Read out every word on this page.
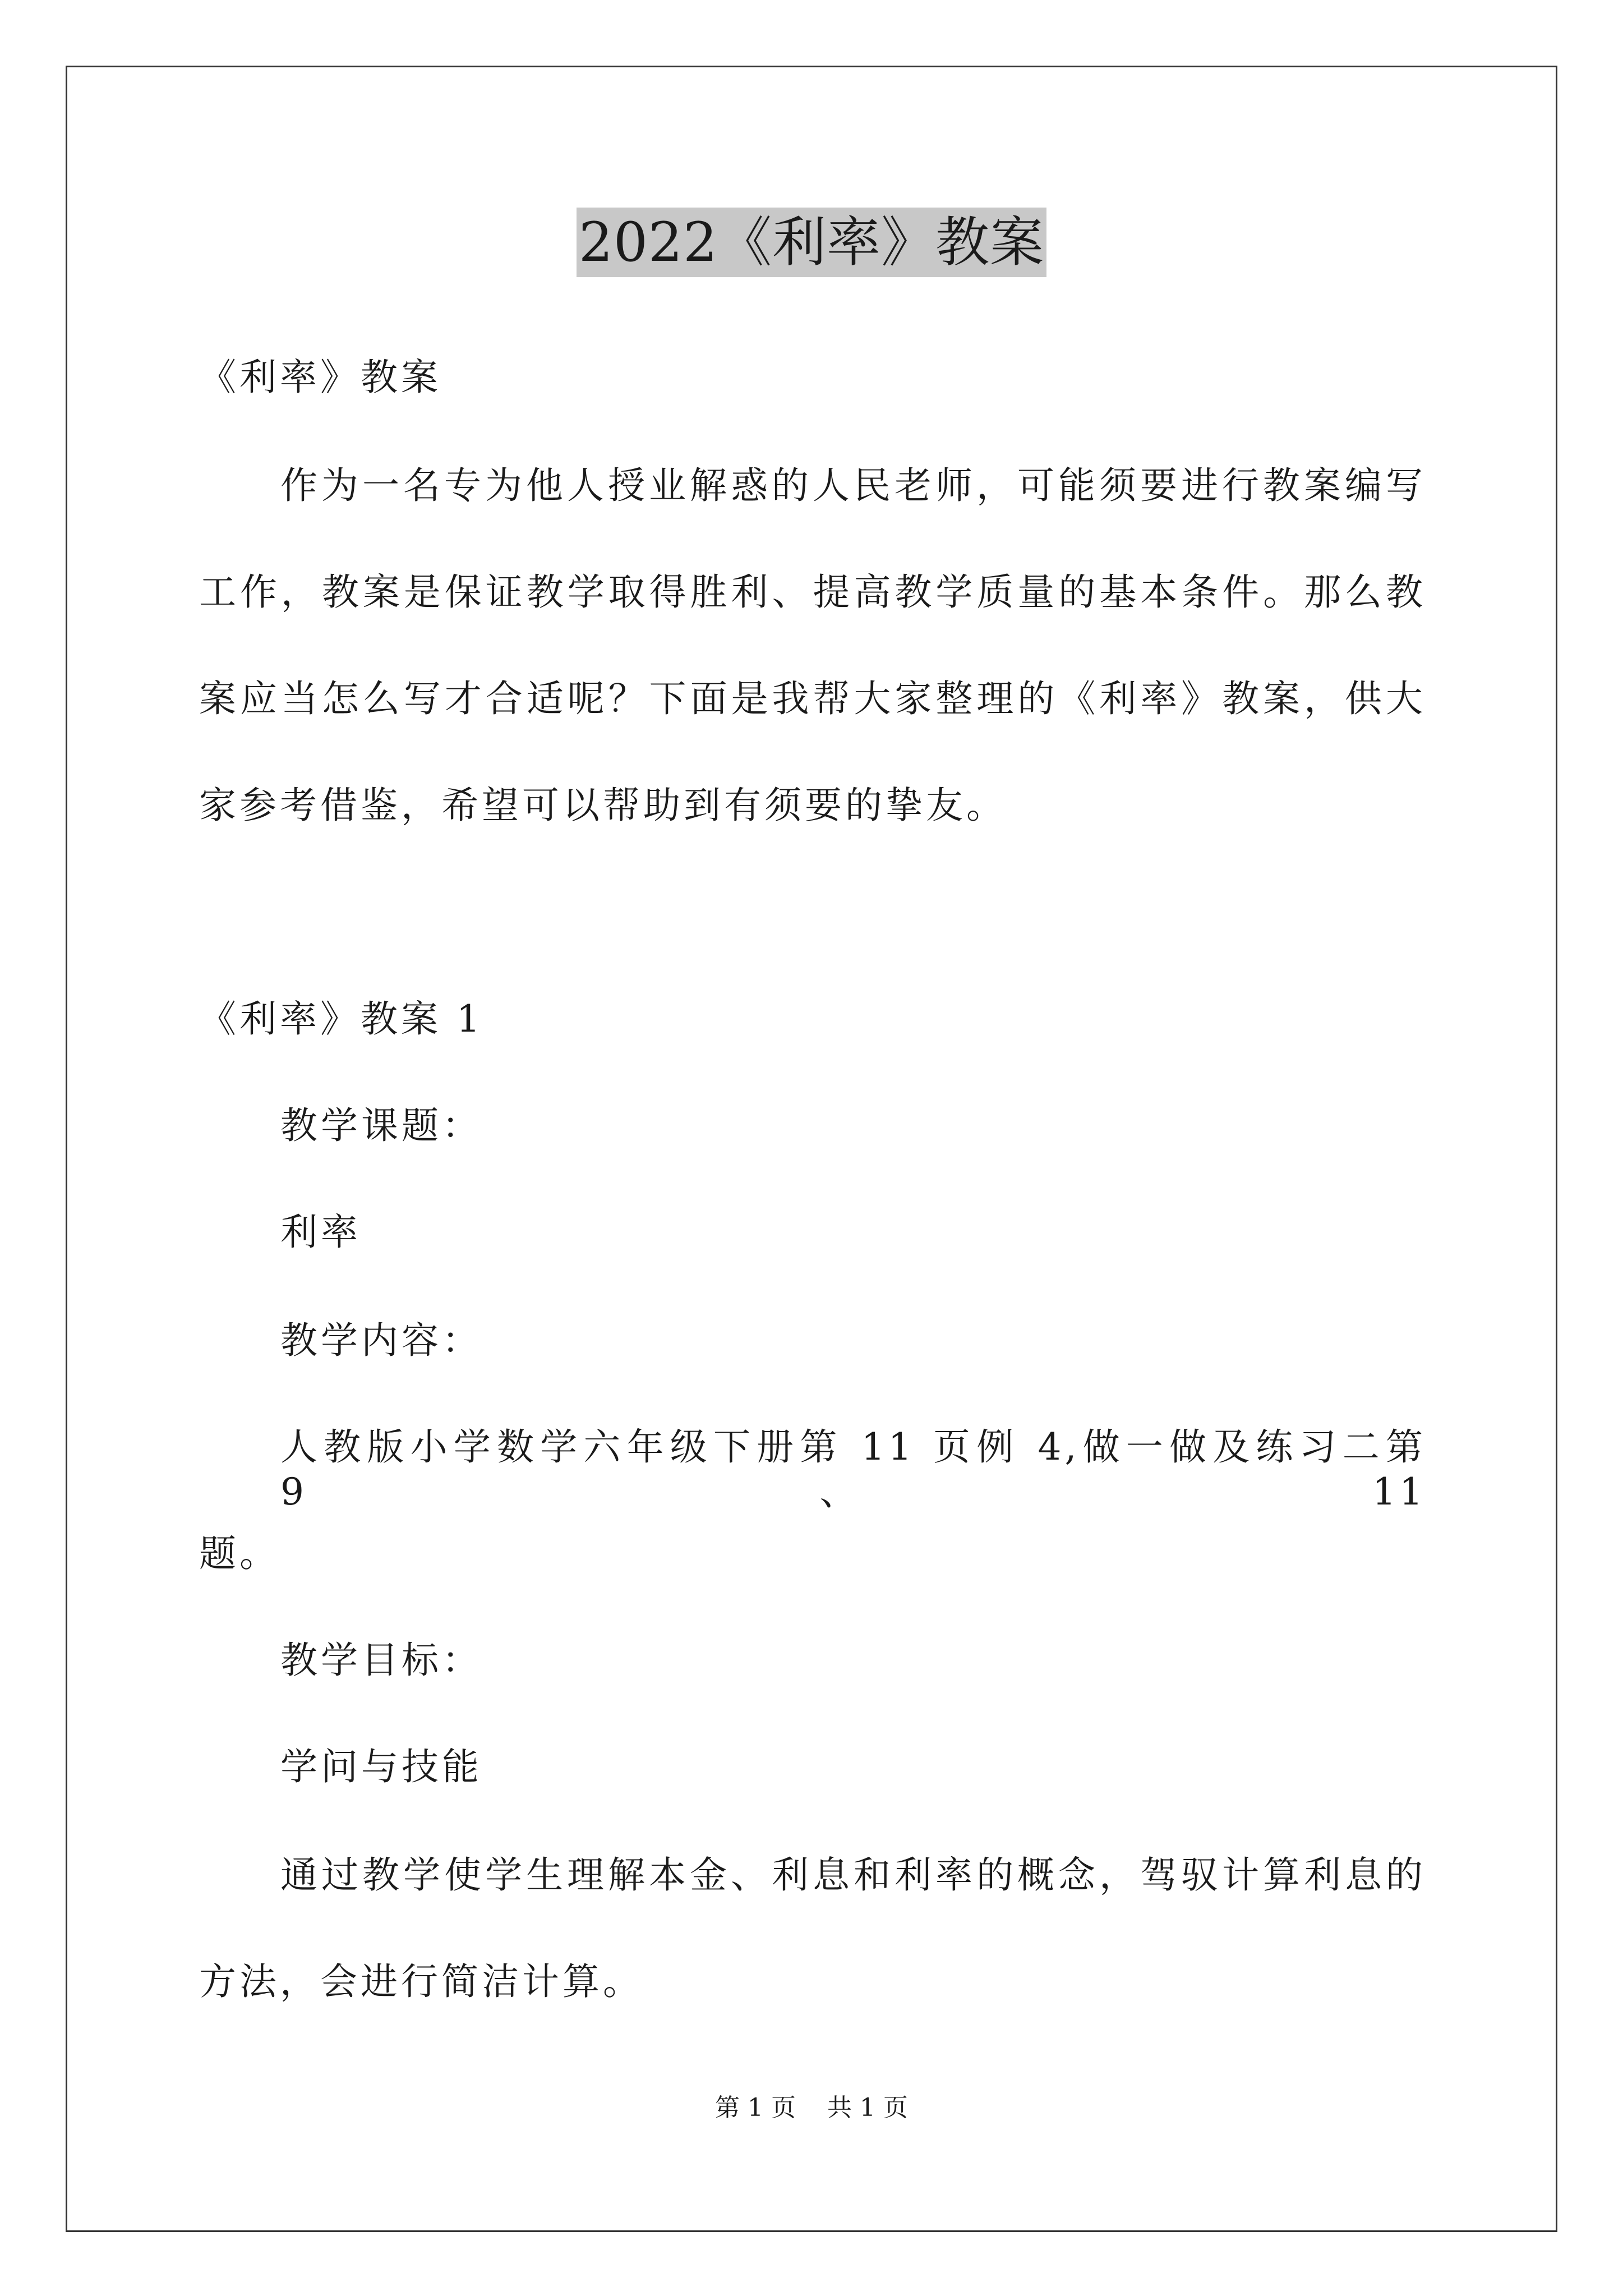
2022《利率》教案
《利率》教案
作为一名专为他人授业解惑的人民老师，可能须要进行教案编写
工作，教案是保证教学取得胜利、提高教学质量的基本条件。那么教
案应当怎么写才合适呢？下面是我帮大家整理的《利率》教案，供大
家参考借鉴，希望可以帮助到有须要的挚友。
《利率》教案 1
教学课题：
利率
教学内容：
人教版小学数学六年级下册第 11 页例 4,做一做及练习二第 9、11
题。
教学目标：
学问与技能
通过教学使学生理解本金、利息和利率的概念，驾驭计算利息的
方法，会进行简洁计算。
第 1 页    共 1 页
